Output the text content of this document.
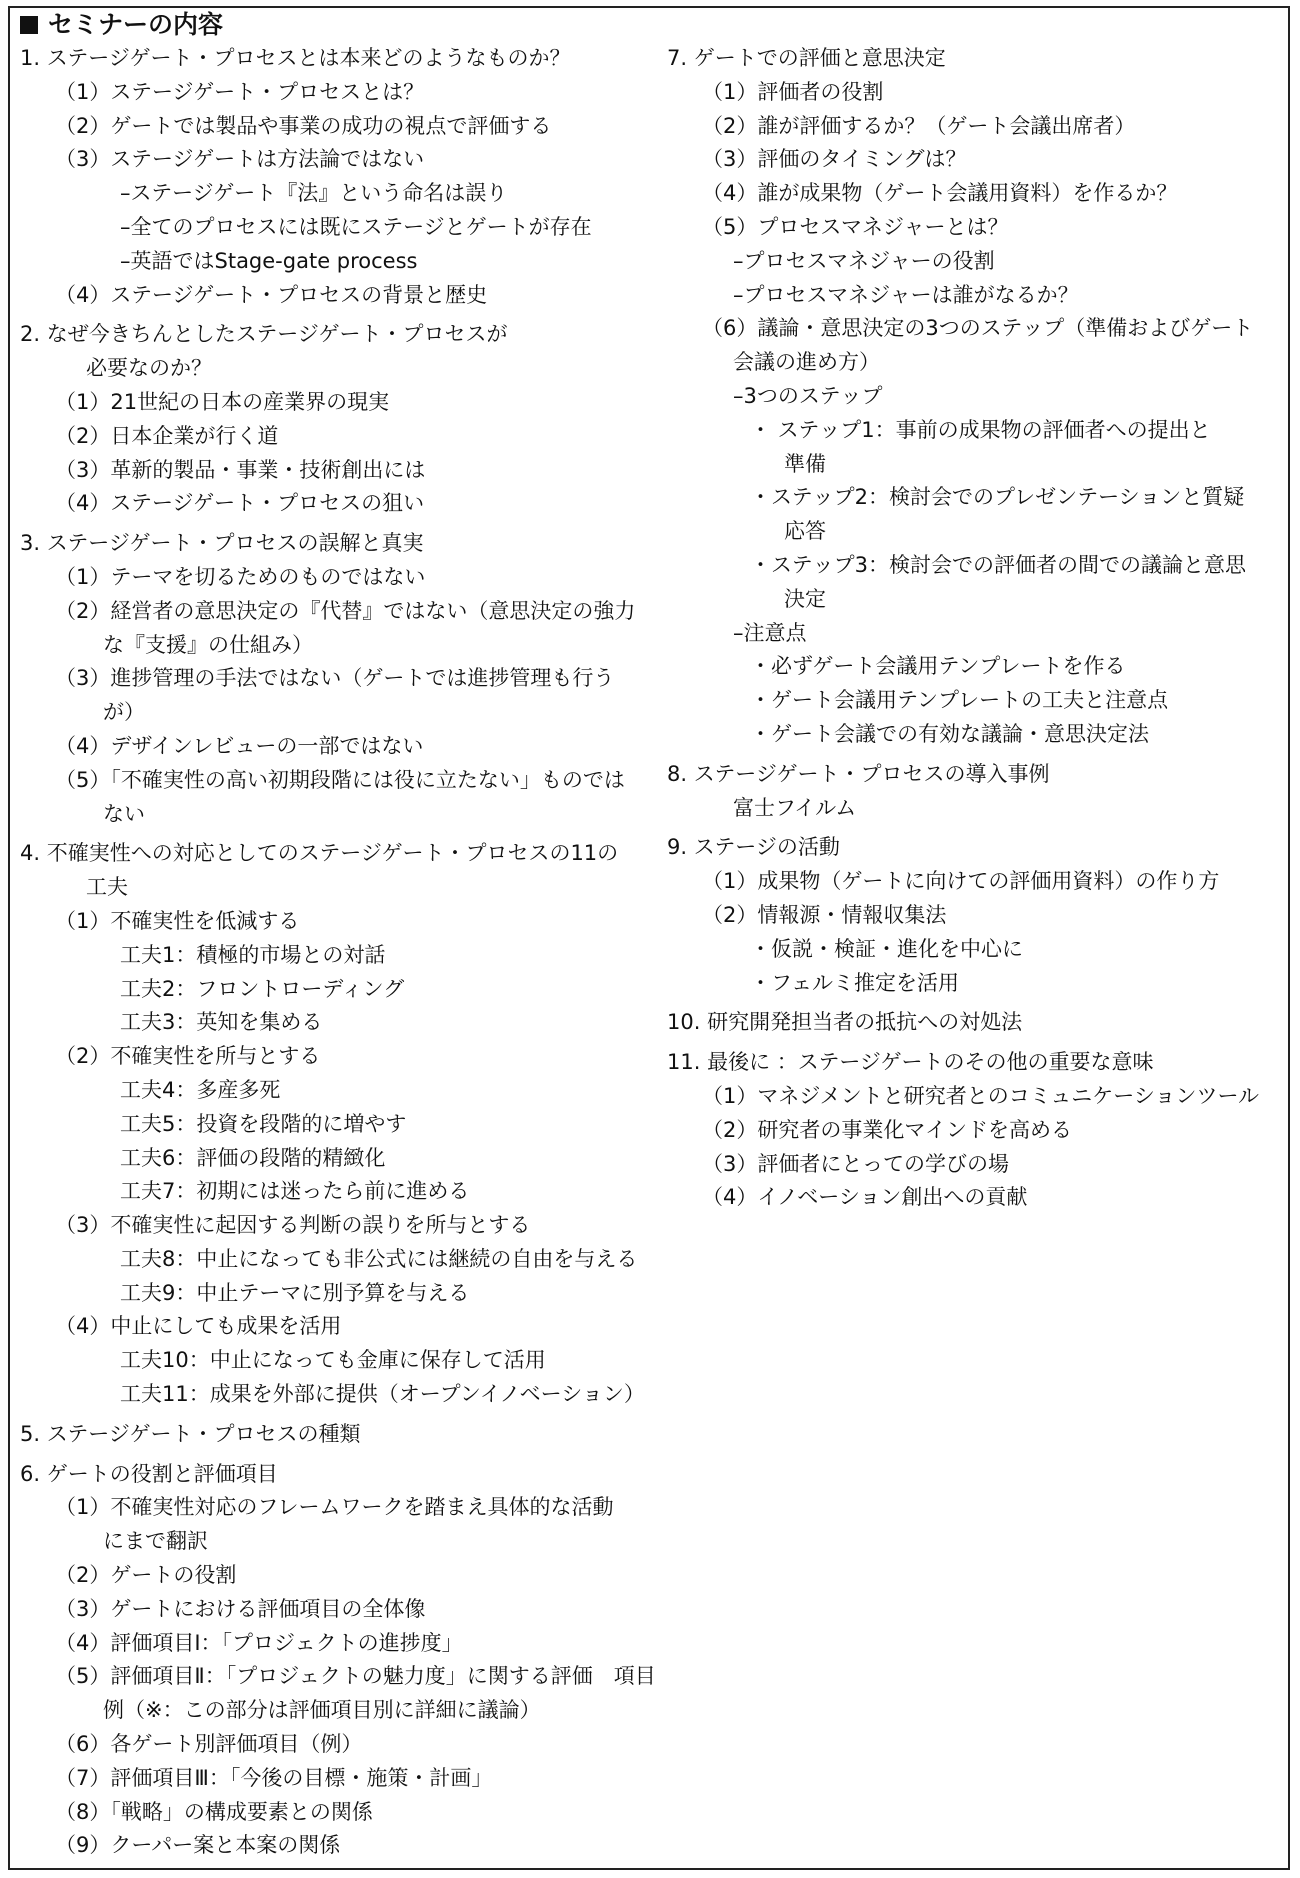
セミナーの内容
1. ステージゲート・プロセスとは本来どのようなものか？
（1）ステージゲート・プロセスとは？
（2）ゲートでは製品や事業の成功の視点で評価する
（3）ステージゲートは方法論ではない
–ステージゲート『法』という命名は誤り
–全てのプロセスには既にステージとゲートが存在
–英語ではStage-gate process
（4）ステージゲート・プロセスの背景と歴史
2. なぜ今きちんとしたステージゲート・プロセスが
必要なのか？
（1）21世紀の日本の産業界の現実
（2）日本企業が行く道
（3）革新的製品・事業・技術創出には
（4）ステージゲート・プロセスの狙い
3. ステージゲート・プロセスの誤解と真実
（1）テーマを切るためのものではない
（2）経営者の意思決定の『代替』ではない（意思決定の強力
な『支援』の仕組み）
（3）進捗管理の手法ではない（ゲートでは進捗管理も行う
が）
（4）デザインレビューの一部ではない
（5）「不確実性の高い初期段階には役に立たない」ものでは
ない
4. 不確実性への対応としてのステージゲート・プロセスの11の
工夫
（1）不確実性を低減する
工夫1：積極的市場との対話
工夫2：フロントローディング
工夫3：英知を集める
（2）不確実性を所与とする
工夫4：多産多死
工夫5：投資を段階的に増やす
工夫6：評価の段階的精緻化
工夫7：初期には迷ったら前に進める
（3）不確実性に起因する判断の誤りを所与とする
工夫8：中止になっても非公式には継続の自由を与える
工夫9：中止テーマに別予算を与える
（4）中止にしても成果を活用
工夫10：中止になっても金庫に保存して活用
工夫11：成果を外部に提供（オープンイノベーション）
5. ステージゲート・プロセスの種類
6. ゲートの役割と評価項目
（1）不確実性対応のフレームワークを踏まえ具体的な活動
にまで翻訳
（2）ゲートの役割
（3）ゲートにおける評価項目の全体像
（4）評価項目Ⅰ：「プロジェクトの進捗度」
（5）評価項目Ⅱ：「プロジェクトの魅力度」に関する評価　項目
例（※：この部分は評価項目別に詳細に議論）
（6）各ゲート別評価項目（例）
（7）評価項目Ⅲ：「今後の目標・施策・計画」
（8）「戦略」の構成要素との関係
（9）クーパー案と本案の関係
7. ゲートでの評価と意思決定
（1）評価者の役割
（2）誰が評価するか？（ゲート会議出席者）
（3）評価のタイミングは？
（4）誰が成果物（ゲート会議用資料）を作るか？
（5）プロセスマネジャーとは？
–プロセスマネジャーの役割
–プロセスマネジャーは誰がなるか？
（6）議論・意思決定の3つのステップ（準備およびゲート
会議の進め方）
–3つのステップ
・ ステップ1：事前の成果物の評価者への提出と
準備
・ステップ2：検討会でのプレゼンテーションと質疑
応答
・ステップ3：検討会での評価者の間での議論と意思
決定
–注意点
・必ずゲート会議用テンプレートを作る
・ゲート会議用テンプレートの工夫と注意点
・ゲート会議での有効な議論・意思決定法
8. ステージゲート・プロセスの導入事例
富士フイルム
9. ステージの活動
（1）成果物（ゲートに向けての評価用資料）の作り方
（2）情報源・情報収集法
・仮説・検証・進化を中心に
・フェルミ推定を活用
10. 研究開発担当者の抵抗への対処法
11. 最後に ：ステージゲートのその他の重要な意味
（1）マネジメントと研究者とのコミュニケーションツール
（2）研究者の事業化マインドを高める
（3）評価者にとっての学びの場
（4）イノベーション創出への貢献
